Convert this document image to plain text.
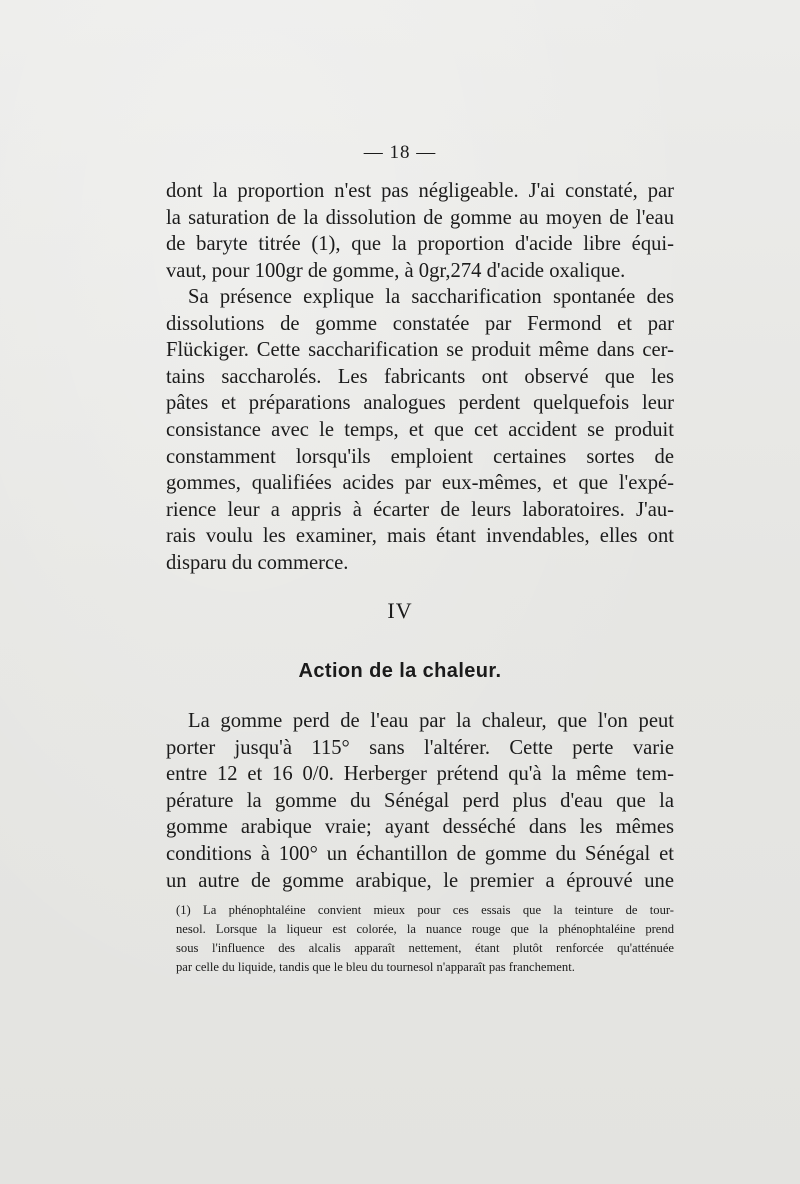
— 18 —

dont la proportion n'est pas négligeable. J'ai constaté, par
la saturation de la dissolution de gomme au moyen de l'eau
de baryte titrée (1), que la proportion d'acide libre équi-
vaut, pour 100gr de gomme, à 0gr,274 d'acide oxalique.

Sa présence explique la saccharification spontanée des
dissolutions de gomme constatée par Fermond et par
Flückiger. Cette saccharification se produit même dans cer-
tains saccharolés. Les fabricants ont observé que les
pâtes et préparations analogues perdent quelquefois leur
consistance avec le temps, et que cet accident se produit
constamment lorsqu'ils emploient certaines sortes de
gommes, qualifiées acides par eux-mêmes, et que l'expé-
rience leur a appris à écarter de leurs laboratoires. J'au-
rais voulu les examiner, mais étant invendables, elles ont
disparu du commerce.

IV
Action de la chaleur.

La gomme perd de l'eau par la chaleur, que l'on peut
porter jusqu'à 115° sans l'altérer. Cette perte varie
entre 12 et 16 0/0. Herberger prétend qu'à la même tem-
pérature la gomme du Sénégal perd plus d'eau que la
gomme arabique vraie; ayant desséché dans les mêmes
conditions à 100° un échantillon de gomme du Sénégal et
un autre de gomme arabique, le premier a éprouvé une

(1) La phénophtaléine convient mieux pour ces essais que la teinture de tour-
nesol. Lorsque la liqueur est colorée, la nuance rouge que la phénophtaléine prend
sous l'influence des alcalis apparaît nettement, étant plutôt renforcée qu'atténuée
par celle du liquide, tandis que le bleu du tournesol n'apparaît pas franchement.
